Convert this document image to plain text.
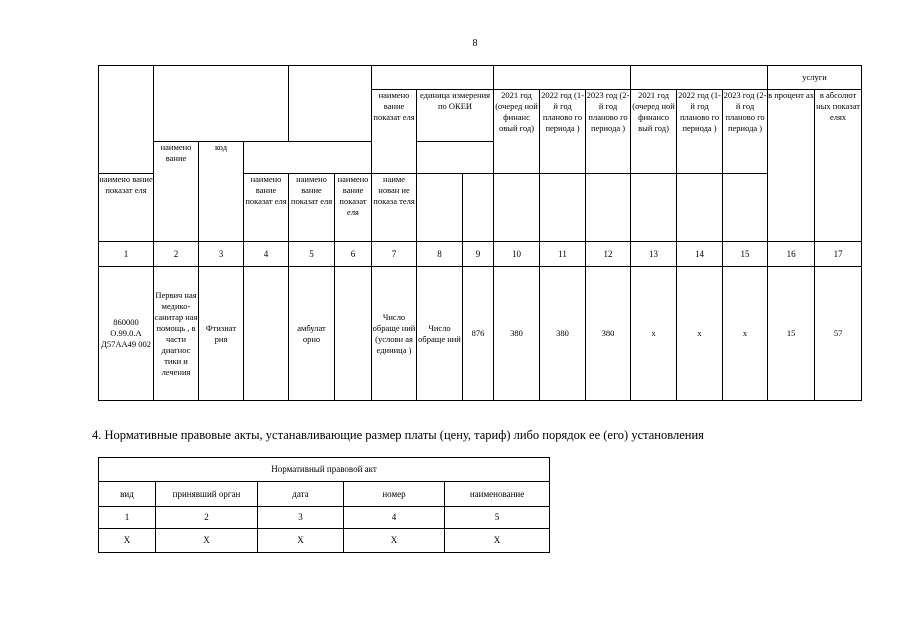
8
															услуги		
						наимено вание показат еля	единица измерения по ОКЕИ		2021 год (очеред ной финанс овый год)	2022 год (1-й год планово го периода )	2023 год (2-й год планово го периода )	2021 год (очеред ной финансо вый год)	2022 год (1-й год планово го периода )	2023 год (2-й год планово го периода )	в процент ах	в абсолют ных показат елях	
	наимено вание	код															
наимено вание показат еля			наимено вание показат еля	наимено вание показат еля	наимено вание показат еля	наиме нован ие показа теля											
1	2	3	4	5	6	7	8	9	10	11	12	13	14	15	16	17	
860000 О.99.0.А Д57АА49 002	Первич ная медико-санитар ная помощь , в части диагнос тики и лечения	Фтизиат рия		амбулат орно		Число обраще ний (условн ая единица )	Число обраще ний	876	380	380	380	х	х	х	15	57	
4. Нормативные правовые акты, устанавливающие размер платы (цену, тариф) либо порядок ее (его) установления
Нормативный правовой акт				
вид	принявший орган	дата	номер	наименование
1	2	3	4	5
Х	Х	Х	Х	Х
